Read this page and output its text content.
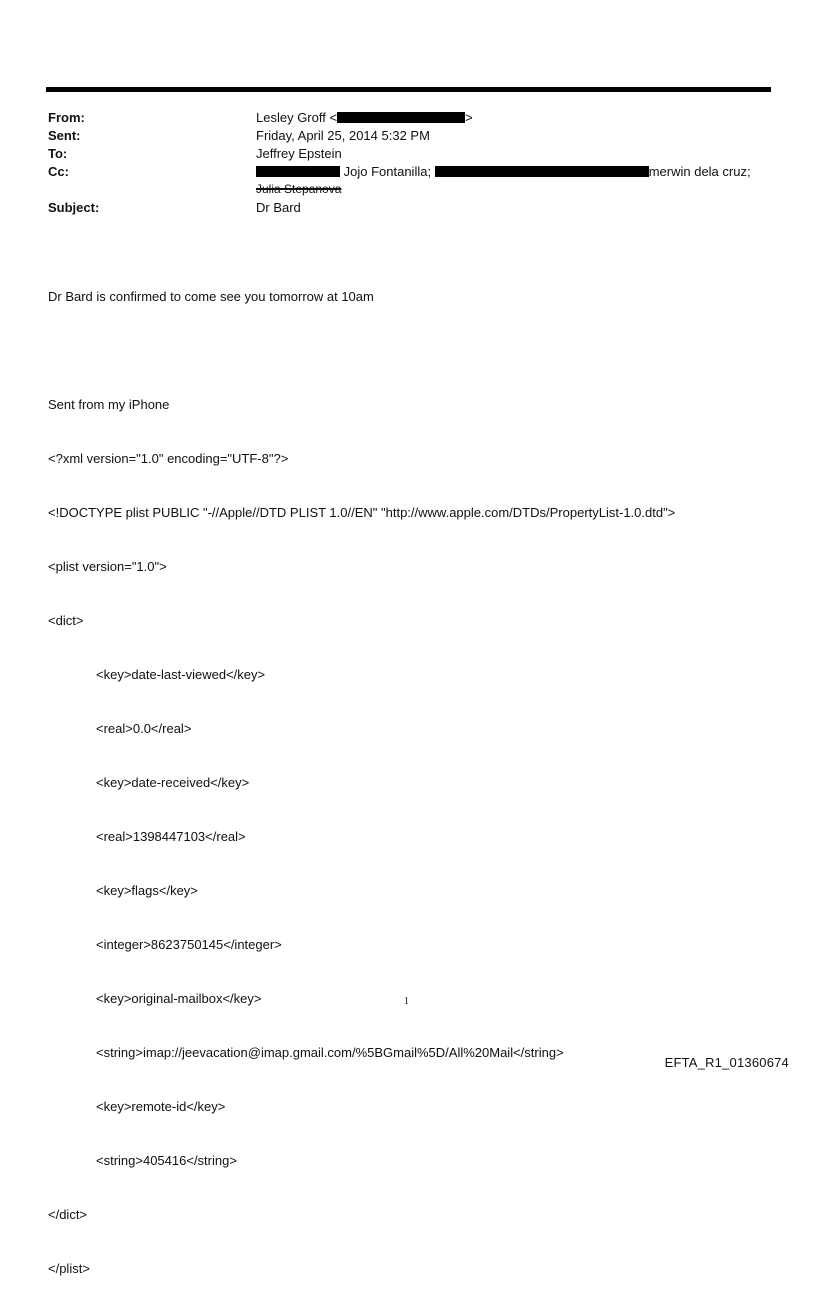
From:
Sent:
To:
Cc:
Subject:
Lesley Groff <	>
Friday, April 25, 2014 5:32 PM
Jeffrey Epstein
Jojo Fontanilla;	merwin dela cruz;
Julia Stepanova
Dr Bard

Dr Bard is confirmed to come see you tomorrow at 10am

Sent from my iPhone

<?xml version="1.0" encoding="UTF-8"?>

<!DOCTYPE plist PUBLIC "-//Apple//DTD PLIST 1.0//EN" "http://www.apple.com/DTDs/PropertyList-1.0.dtd">

<plist version="1.0">

<dict>

<key>date-last-viewed</key>

<real>0.0</real>

<key>date-received</key>

<real>1398447103</real>

<key>flags</key>

<integer>8623750145</integer>

<key>original-mailbox</key>

<string>imap://jeevacation@imap.gmail.com/%5BGmail%5D/All%20Mail</string>

<key>remote-id</key>

<string>405416</string>

</dict>

</plist>

1
EFTA_R1_01360674
